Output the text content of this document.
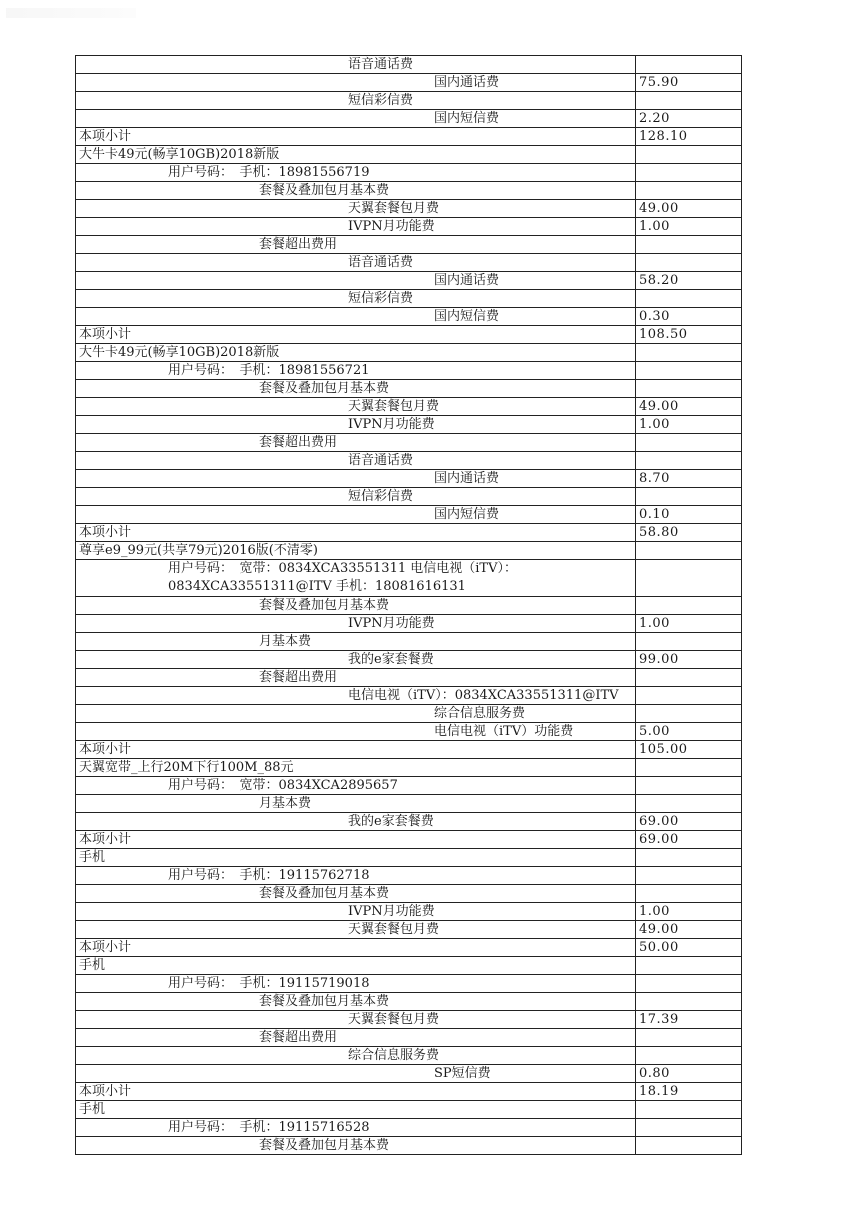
语音通话费	
国内通话费	75.90
短信彩信费	
国内短信费	2.20
本项小计	128.10
大牛卡49元(畅享10GB)2018新版	
用户号码：　手机：18981556719	
套餐及叠加包月基本费	
天翼套餐包月费	49.00
IVPN月功能费	1.00
套餐超出费用	
语音通话费	
国内通话费	58.20
短信彩信费	
国内短信费	0.30
本项小计	108.50
大牛卡49元(畅享10GB)2018新版	
用户号码：　手机：18981556721	
套餐及叠加包月基本费	
天翼套餐包月费	49.00
IVPN月功能费	1.00
套餐超出费用	
语音通话费	
国内通话费	8.70
短信彩信费	
国内短信费	0.10
本项小计	58.80
尊享e9_99元(共享79元)2016版(不清零)	
用户号码：　宽带：0834XCA33551311 电信电视（iTV）：0834XCA33551311@ITV 手机：18081616131	
套餐及叠加包月基本费	
IVPN月功能费	1.00
月基本费	
我的e家套餐费	99.00
套餐超出费用	
电信电视（iTV）：0834XCA33551311@ITV	
综合信息服务费	
电信电视（iTV）功能费	5.00
本项小计	105.00
天翼宽带_上行20M下行100M_88元	
用户号码：　宽带：0834XCA2895657	
月基本费	
我的e家套餐费	69.00
本项小计	69.00
手机	
用户号码：　手机：19115762718	
套餐及叠加包月基本费	
IVPN月功能费	1.00
天翼套餐包月费	49.00
本项小计	50.00
手机	
用户号码：　手机：19115719018	
套餐及叠加包月基本费	
天翼套餐包月费	17.39
套餐超出费用	
综合信息服务费	
SP短信费	0.80
本项小计	18.19
手机	
用户号码：　手机：19115716528	
套餐及叠加包月基本费	
